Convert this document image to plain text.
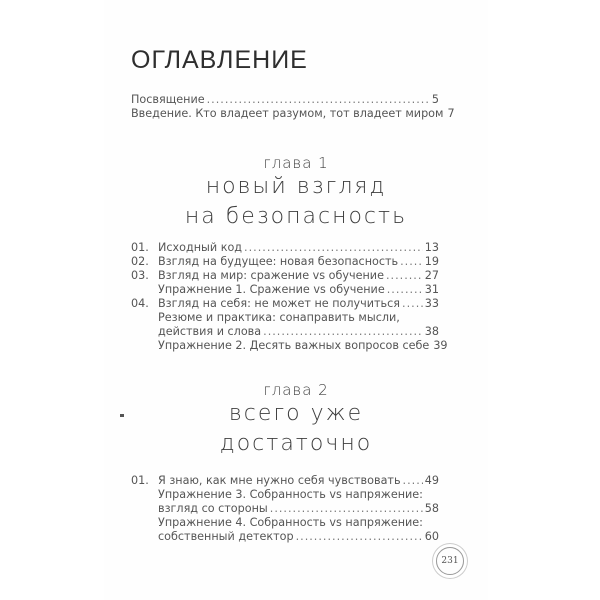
ОГЛАВЛЕНИЕ
Посвящение .....	5
Введение. Кто владеет разумом, тот владеет миром 7
глава 1
новый взгляд
на безопасность
01. Исходный код .....	13
02. Взгляд на будущее: новая безопасность ..... 19
03. Взгляд на мир: сражение vs обучение .....	27
Упражнение 1. Сражение vs обучение .....	31
04. Взгляд на себя: не может не получиться ..... 33
Резюме и практика: сонаправить мысли,
действия и слова .....	38
Упражнение 2. Десять важных вопросов себе 39
глава 2
всего уже
достаточно
01. Я знаю, как мне нужно себя чувствовать ..... 49
Упражнение 3. Собранность vs напряжение:
взгляд со стороны .....	58
Упражнение 4. Собранность vs напряжение:
собственный детектор .....	60
231
